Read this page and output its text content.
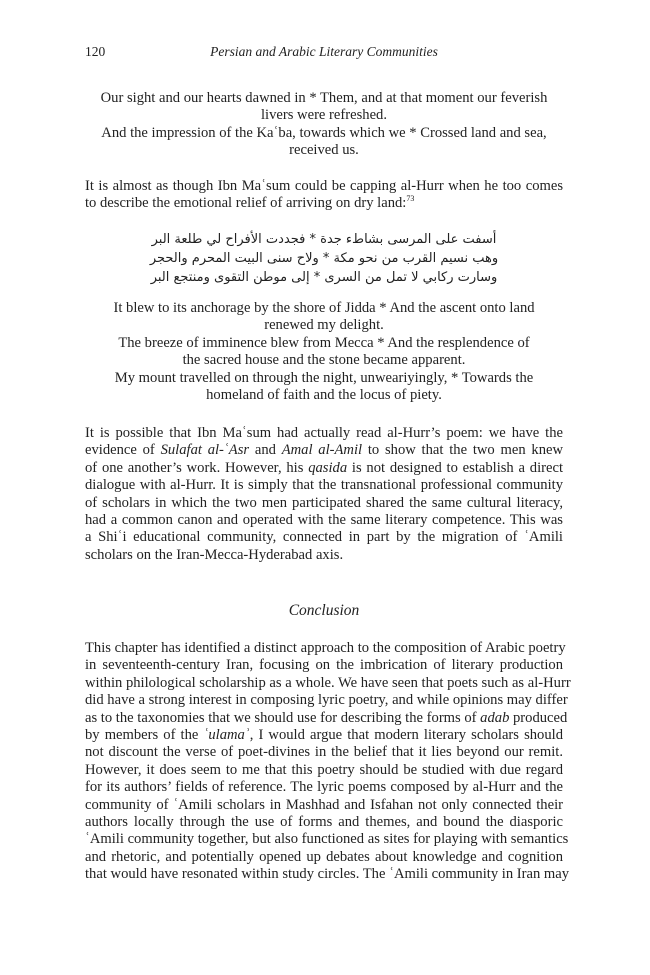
120	Persian and Arabic Literary Communities
Our sight and our hearts dawned in * Them, and at that moment our feverish
livers were refreshed.
And the impression of the Kaʿba, towards which we * Crossed land and sea,
received us.
It is almost as though Ibn Maʿsum could be capping al-Hurr when he too comes
to describe the emotional relief of arriving on dry land:$^{73}$
أسفت على المرسى بشاطء جدة * فجددت الأفراح لي طلعة البر
وهب نسيم القرب من نحو مكة * ولاح سنى البيت المحرم والحجر
وسارت ركابي لا تمل من السرى * إلى موطن التقوى ومنتجع البر
It blew to its anchorage by the shore of Jidda * And the ascent onto land
renewed my delight.
The breeze of imminence blew from Mecca * And the resplendence of
the sacred house and the stone became apparent.
My mount travelled on through the night, unweariyingly, * Towards the
homeland of faith and the locus of piety.
It is possible that Ibn Maʿsum had actually read al-Hurr’s poem: we have the
evidence of Sulafat al-ʿAsr and Amal al-Amil to show that the two men knew
of one another’s work. However, his qasida is not designed to establish a direct
dialogue with al-Hurr. It is simply that the transnational professional community
of scholars in which the two men participated shared the same cultural literacy,
had a common canon and operated with the same literary competence. This was
a Shiʿi educational community, connected in part by the migration of ʿAmili
scholars on the Iran-Mecca-Hyderabad axis.
Conclusion
This chapter has identified a distinct approach to the composition of Arabic poetry
in seventeenth-century Iran, focusing on the imbrication of literary production
within philological scholarship as a whole. We have seen that poets such as al-Hurr
did have a strong interest in composing lyric poetry, and while opinions may differ
as to the taxonomies that we should use for describing the forms of adab produced
by members of the ʿulamaʾ, I would argue that modern literary scholars should
not discount the verse of poet-divines in the belief that it lies beyond our remit.
However, it does seem to me that this poetry should be studied with due regard
for its authors’ fields of reference. The lyric poems composed by al-Hurr and the
community of ʿAmili scholars in Mashhad and Isfahan not only connected their
authors locally through the use of forms and themes, and bound the diasporic
ʿAmili community together, but also functioned as sites for playing with semantics
and rhetoric, and potentially opened up debates about knowledge and cognition
that would have resonated within study circles. The ʿAmili community in Iran may
